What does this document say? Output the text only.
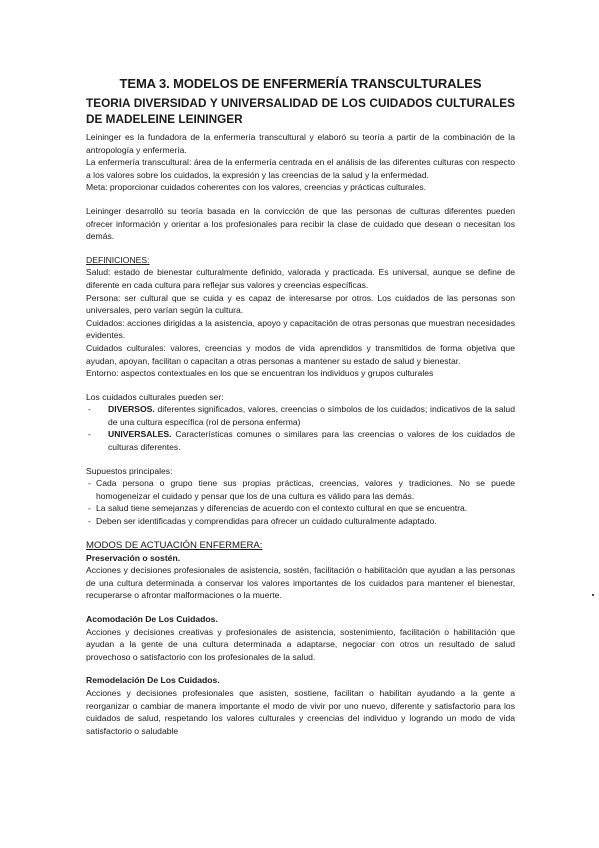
TEMA 3. MODELOS DE ENFERMERÍA TRANSCULTURALES
TEORIA DIVERSIDAD Y UNIVERSALIDAD DE LOS CUIDADOS CULTURALES DE MADELEINE LEININGER

Leininger es la fundadora de la enfermería transcultural y elaboró su teoría a partir de la combinación de la antropología y enfermería.

La enfermería transcultural: área de la enfermería centrada en el análisis de las diferentes culturas con respecto a los valores sobre los cuidados, la expresión y las creencias de la salud y la enfermedad.

Meta: proporcionar cuidados coherentes con los valores, creencias y prácticas culturales.

Leininger desarrolló su teoría basada en la convicción de que las personas de culturas diferentes pueden ofrecer información y orientar a los profesionales para recibir la clase de cuidado que desean o necesitan los demás.

DEFINICIONES:

Salud: estado de bienestar culturalmente definido, valorada y practicada. Es universal, aunque se define de diferente en cada cultura para reflejar sus valores y creencias específicas.

Persona: ser cultural que se cuida y es capaz de interesarse por otros. Los cuidados de las personas son universales, pero varían según la cultura.

Cuidados: acciones dirigidas a la asistencia, apoyo y capacitación de otras personas que muestran necesidades evidentes.

Cuidados culturales: valores, creencias y modos de vida aprendidos y transmitidos de forma objetiva que ayudan, apoyan, facilitan o capacitan a otras personas a mantener su estado de salud y bienestar.

Entorno: aspectos contextuales en los que se encuentran los individuos y grupos culturales

Los cuidados culturales pueden ser:

- DIVERSOS. diferentes significados, valores, creencias o símbolos de los cuidados; indicativos de la salud de una cultura específica (rol de persona enferma)
- UNIVERSALES. Características comunes o similares para las creencias o valores de los cuidados de culturas diferentes.

Supuestos principales:

- Cada persona o grupo tiene sus propias prácticas, creencias, valores y tradiciones. No se puede homogeneizar el cuidado y pensar que los de una cultura es válido para las demás.
- La salud tiene semejanzas y diferencias de acuerdo con el contexto cultural en que se encuentra.
- Deben ser identificadas y comprendidas para ofrecer un cuidado culturalmente adaptado.

MODOS DE ACTUACIÓN ENFERMERA:

Preservación o sostén.

Acciones y decisiones profesionales de asistencia, sostén, facilitación o habilitación que ayudan a las personas de una cultura determinada a conservar los valores importantes de los cuidados para mantener el bienestar, recuperarse o afrontar malformaciones o la muerte.

Acomodación De Los Cuidados.

Acciones y decisiones creativas y profesionales de asistencia, sostenimiento, facilitación o habilitación que ayudan a la gente de una cultura determinada a adaptarse, negociar con otros un resultado de salud provechoso o satisfactorio con los profesionales de la salud.

Remodelación De Los Cuidados.

Acciones y decisiones profesionales que asisten, sostiene, facilitan o habilitan ayudando a la gente a reorganizar o cambiar de manera importante el modo de vivir por uno nuevo, diferente y satisfactorio para los cuidados de salud, respetando los valores culturales y creencias del individuo y logrando un modo de vida satisfactorio o saludable
